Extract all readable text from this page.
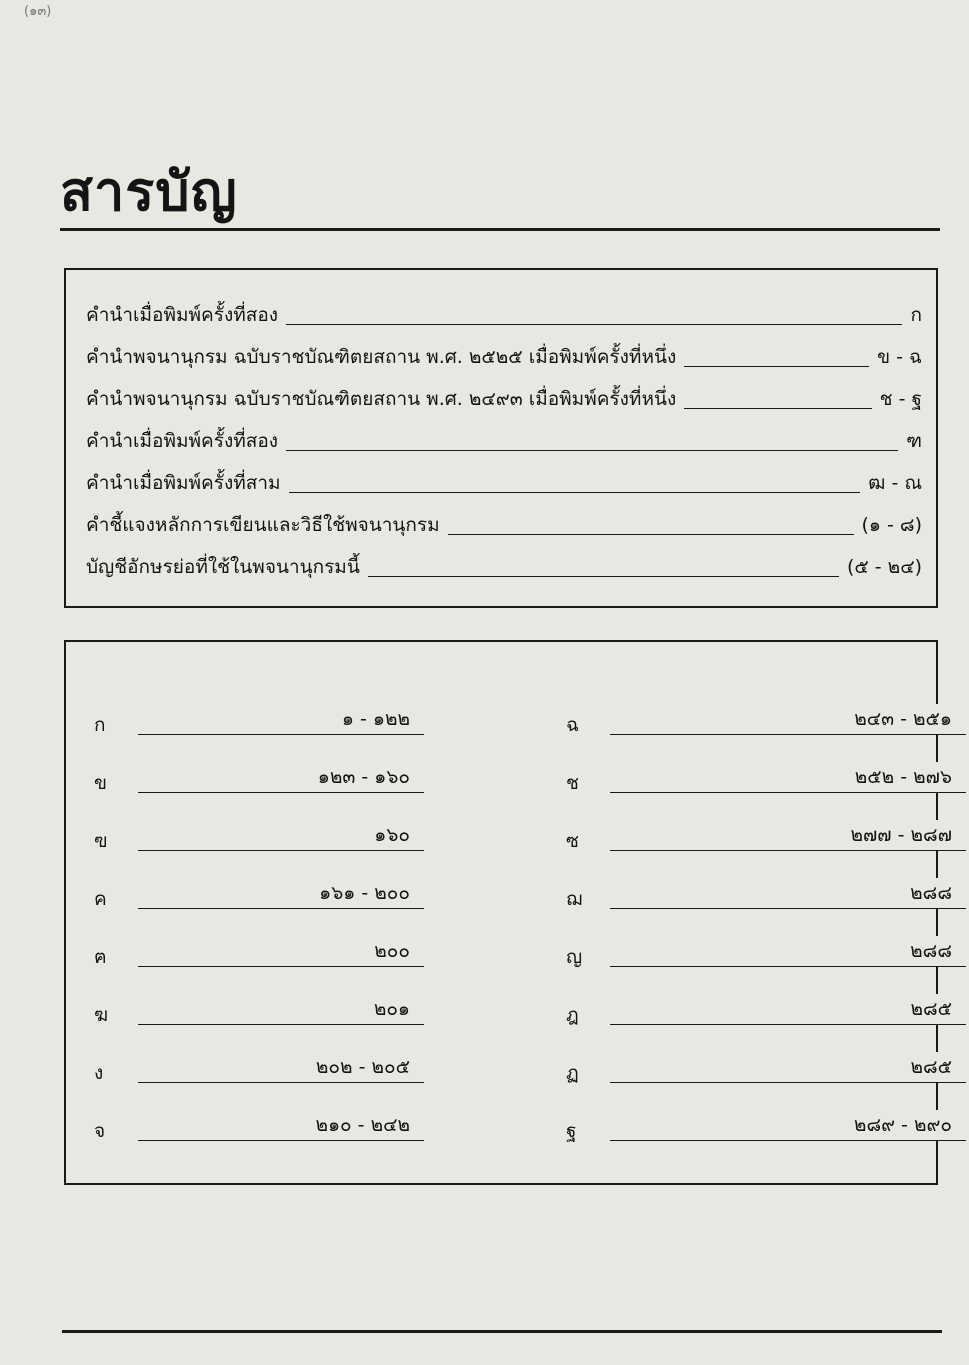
(๑๓)
สารบัญ
คำนำเมื่อพิมพ์ครั้งที่สอง	ก
คำนำพจนานุกรม ฉบับราชบัณฑิตยสถาน พ.ศ. ๒๕๒๕ เมื่อพิมพ์ครั้งที่หนึ่ง	ข - ฉ
คำนำพจนานุกรม ฉบับราชบัณฑิตยสถาน พ.ศ. ๒๔๙๓ เมื่อพิมพ์ครั้งที่หนึ่ง	ช - ฐ
คำนำเมื่อพิมพ์ครั้งที่สอง	ฑ
คำนำเมื่อพิมพ์ครั้งที่สาม	ฒ - ณ
คำชี้แจงหลักการเขียนและวิธีใช้พจนานุกรม	(๑ - ๘)
บัญชีอักษรย่อที่ใช้ในพจนานุกรมนี้	(๕ - ๒๔)
ก	๑ - ๑๒๒
ข	๑๒๓ - ๑๖๐
ฃ	๑๖๐
ค	๑๖๑ - ๒๐๐
ฅ	๒๐๐
ฆ	๒๐๑
ง	๒๐๒ - ๒๐๕
จ	๒๑๐ - ๒๔๒
ฉ	๒๔๓ - ๒๕๑
ช	๒๕๒ - ๒๗๖
ซ	๒๗๗ - ๒๘๗
ฌ	๒๘๘
ญ	๒๘๘
ฎ	๒๘๕
ฏ	๒๘๕
ฐ	๒๘๙ - ๒๙๐
